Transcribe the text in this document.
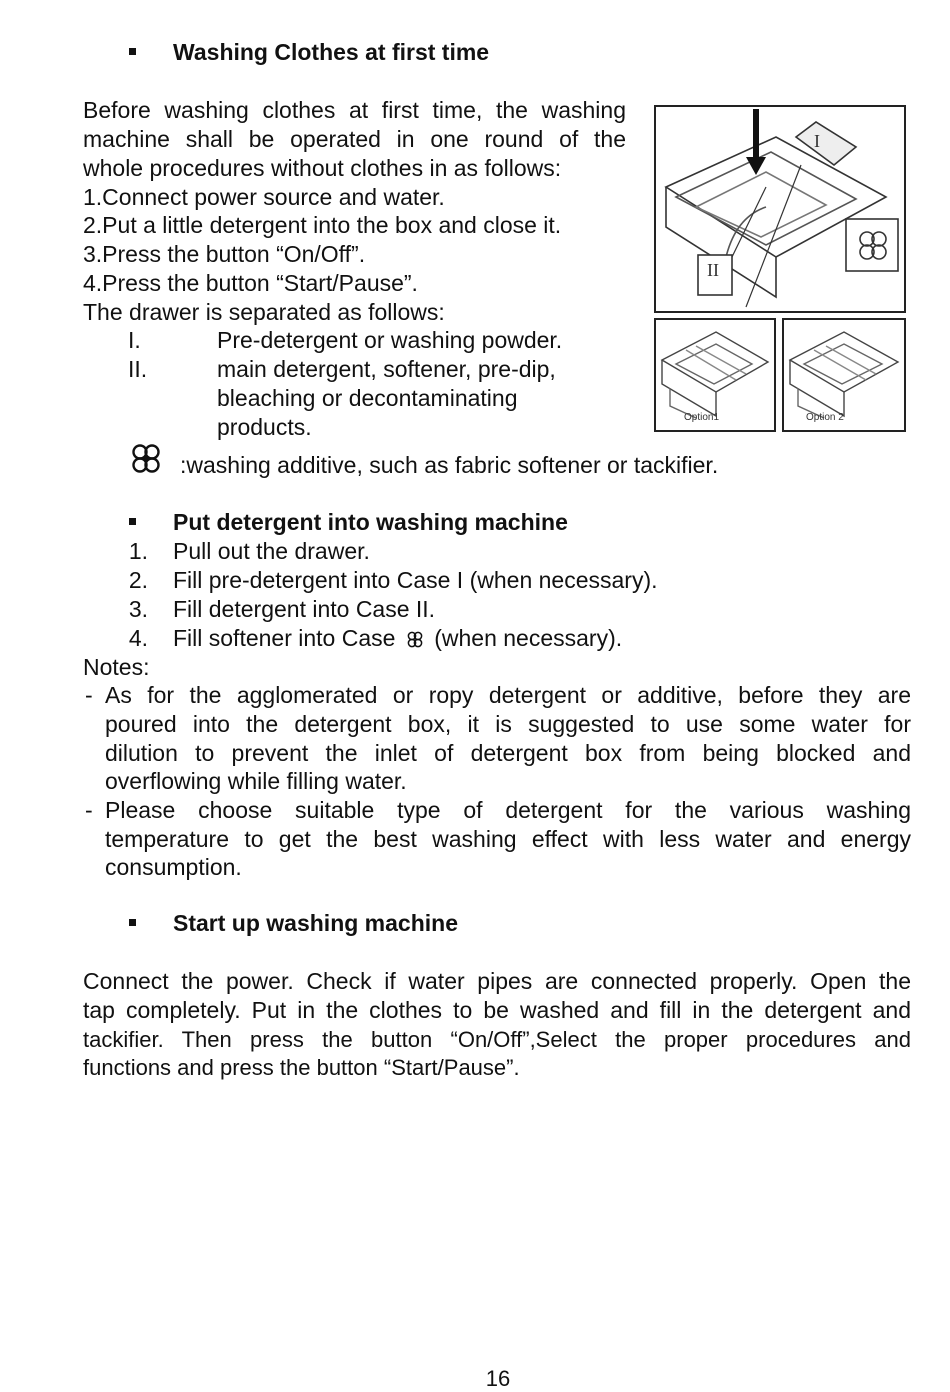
Washing Clothes at first time
Before washing clothes at first time, the washing
machine shall be operated in one round of the
whole procedures without clothes in as follows:
1.Connect power source and water.
2.Put a little detergent into the box and close it.
3.Press the button “On/Off”.
4.Press the button “Start/Pause”.
The drawer is separated as follows:
I.	Pre-detergent or washing powder.
II.	main detergent, softener, pre-dip,
bleaching or decontaminating
products.
:washing additive, such as fabric softener or tackifier.
I
II
Option1	Option 2
Put detergent into washing machine
1. Pull out the drawer.
2. Fill pre-detergent into Case I (when necessary).
3. Fill detergent into Case II.
4. Fill softener into Case (when necessary).
Notes:
- As for the agglomerated or ropy detergent or additive, before they are
poured into the detergent box, it is suggested to use some water for
dilution to prevent the inlet of detergent box from being blocked and
overflowing while filling water.
- Please choose suitable type of detergent for the various washing
temperature to get the best washing effect with less water and energy
consumption.
Start up washing machine
Connect the power. Check if water pipes are connected properly. Open the
tap completely. Put in the clothes to be washed and fill in the detergent and
tackifier. Then press the button “On/Off”,Select the proper procedures and
functions and press the button “Start/Pause”.
16
